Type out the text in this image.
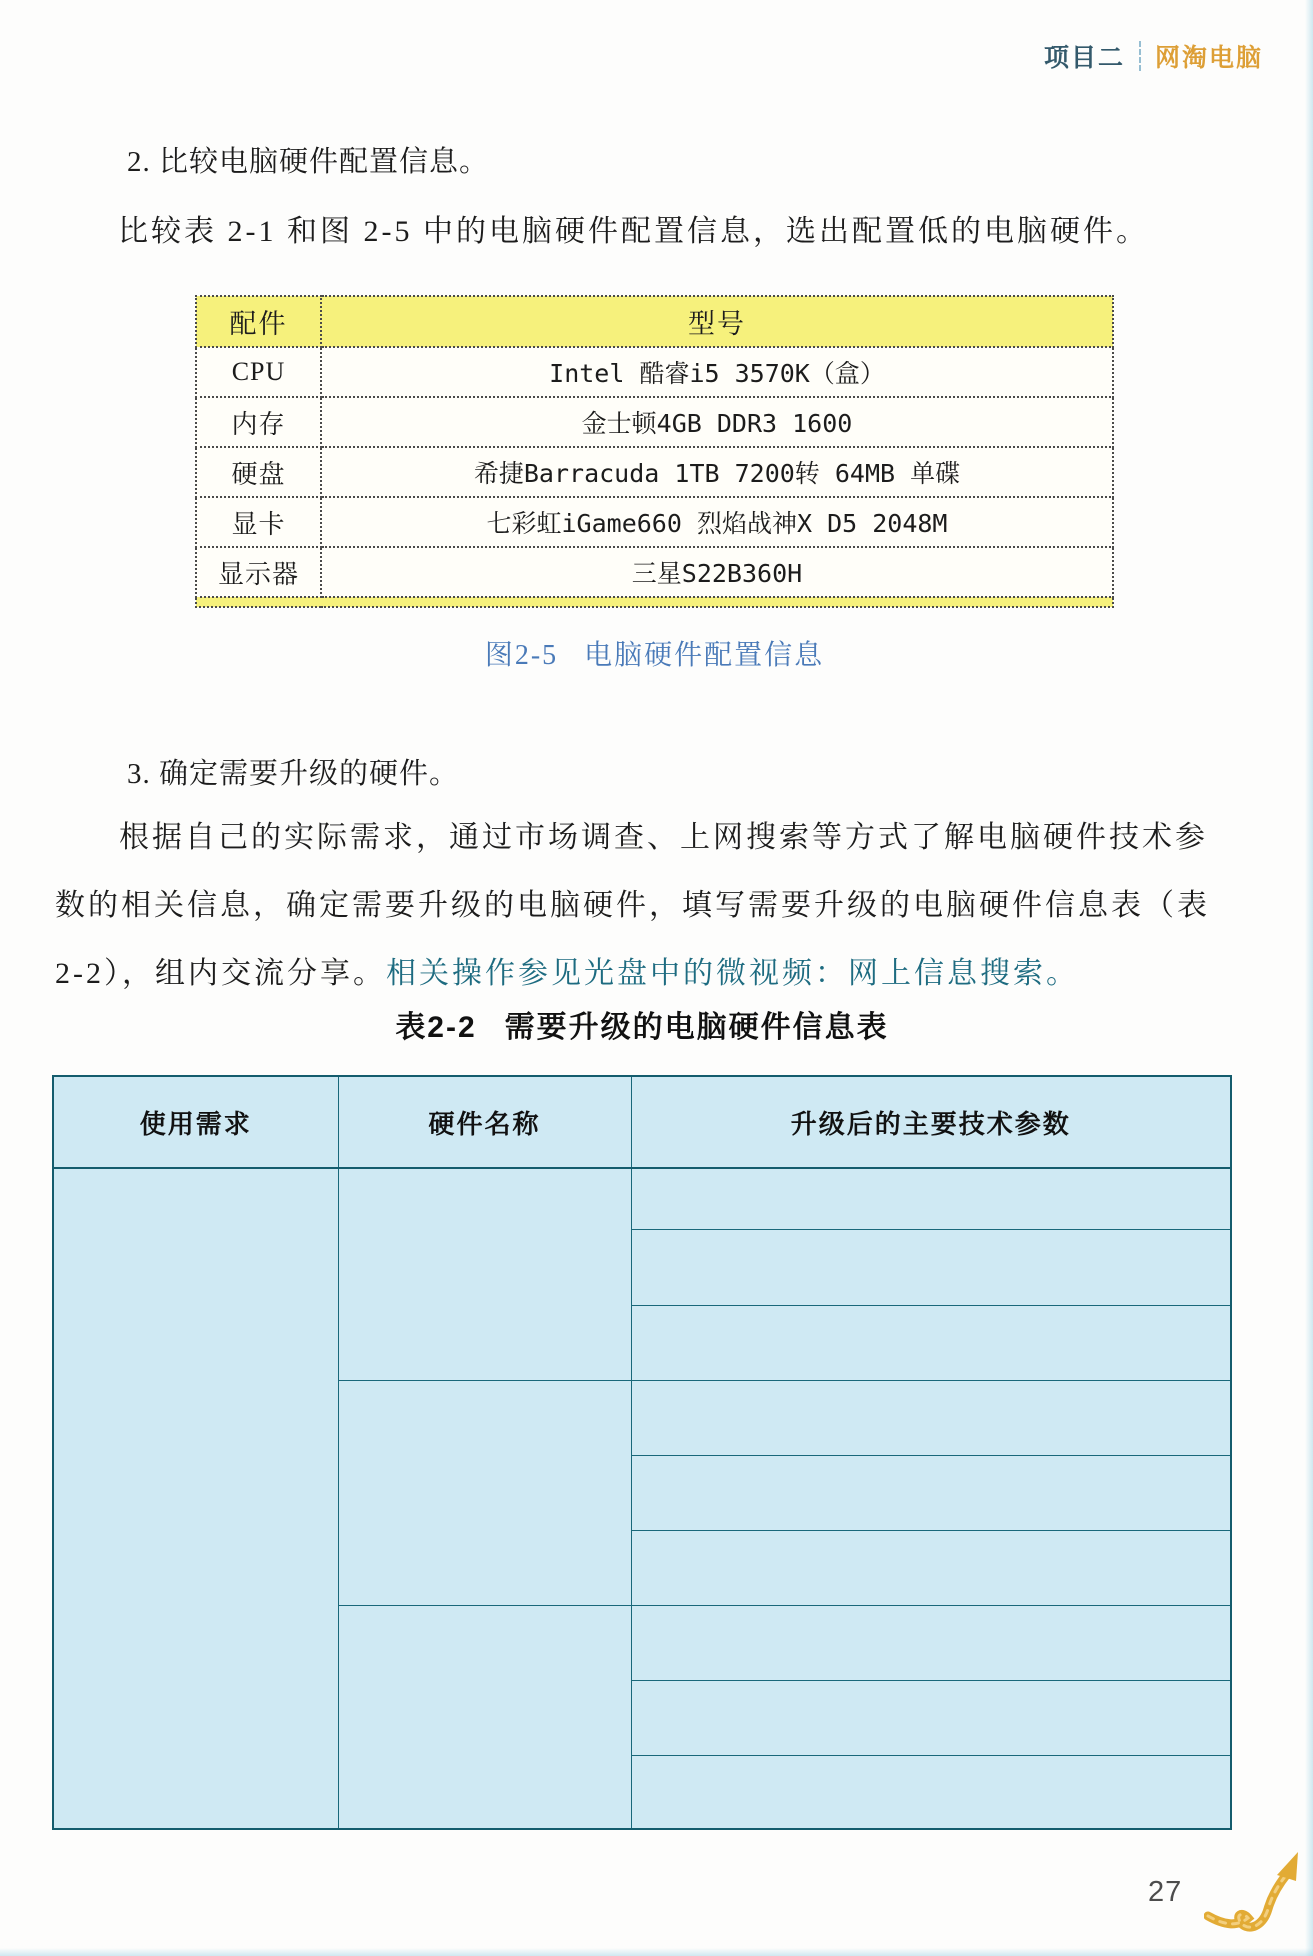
项目二 网淘电脑
2. 比较电脑硬件配置信息。
比较表 2-1 和图 2-5 中的电脑硬件配置信息，选出配置低的电脑硬件。
配件	型号
CPU	Intel 酷睿i5 3570K（盒）
内存	金士顿4GB DDR3 1600
硬盘	希捷Barracuda 1TB 7200转 64MB 单碟
显卡	七彩虹iGame660 烈焰战神X D5 2048M
显示器	三星S22B360H

图2-5 电脑硬件配置信息
3. 确定需要升级的硬件。
根据自己的实际需求，通过市场调查、上网搜索等方式了解电脑硬件技术参
数的相关信息，确定需要升级的电脑硬件，填写需要升级的电脑硬件信息表（表
2-2），组内交流分享。相关操作参见光盘中的微视频：网上信息搜索。
表2-2 需要升级的电脑硬件信息表
使用需求	硬件名称	升级后的主要技术参数

27
